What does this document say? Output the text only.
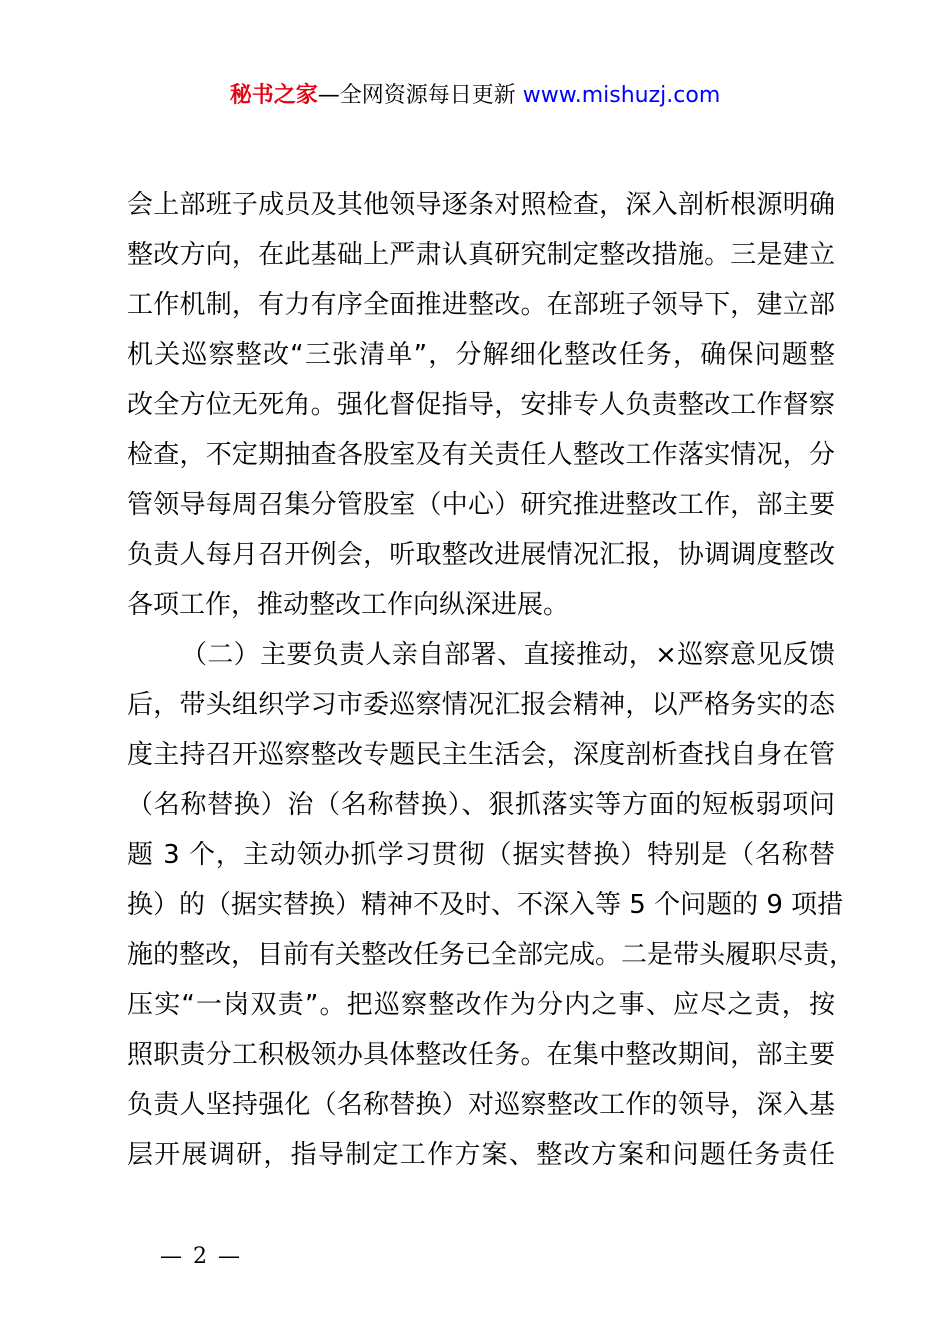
秘书之家—全网资源每日更新 www.mishuzj.com
会上部班子成员及其他领导逐条对照检查，深入剖析根源明确
整改方向，在此基础上严肃认真研究制定整改措施。三是建立
工作机制，有力有序全面推进整改。在部班子领导下，建立部
机关巡察整改“三张清单”，分解细化整改任务，确保问题整
改全方位无死角。强化督促指导，安排专人负责整改工作督察
检查，不定期抽查各股室及有关责任人整改工作落实情况，分
管领导每周召集分管股室（中心）研究推进整改工作，部主要
负责人每月召开例会，听取整改进展情况汇报，协调调度整改
各项工作，推动整改工作向纵深进展。
（二）主要负责人亲自部署、直接推动，×巡察意见反馈
后，带头组织学习市委巡察情况汇报会精神，以严格务实的态
度主持召开巡察整改专题民主生活会，深度剖析查找自身在管
（名称替换）治（名称替换）、狠抓落实等方面的短板弱项问
题 3 个，主动领办抓学习贯彻（据实替换）特别是（名称替
换）的（据实替换）精神不及时、不深入等 5 个问题的 9 项措
施的整改，目前有关整改任务已全部完成。二是带头履职尽责，
压实“一岗双责”。把巡察整改作为分内之事、应尽之责，按
照职责分工积极领办具体整改任务。在集中整改期间，部主要
负责人坚持强化（名称替换）对巡察整改工作的领导，深入基
层开展调研，指导制定工作方案、整改方案和问题任务责任
— 2 —
